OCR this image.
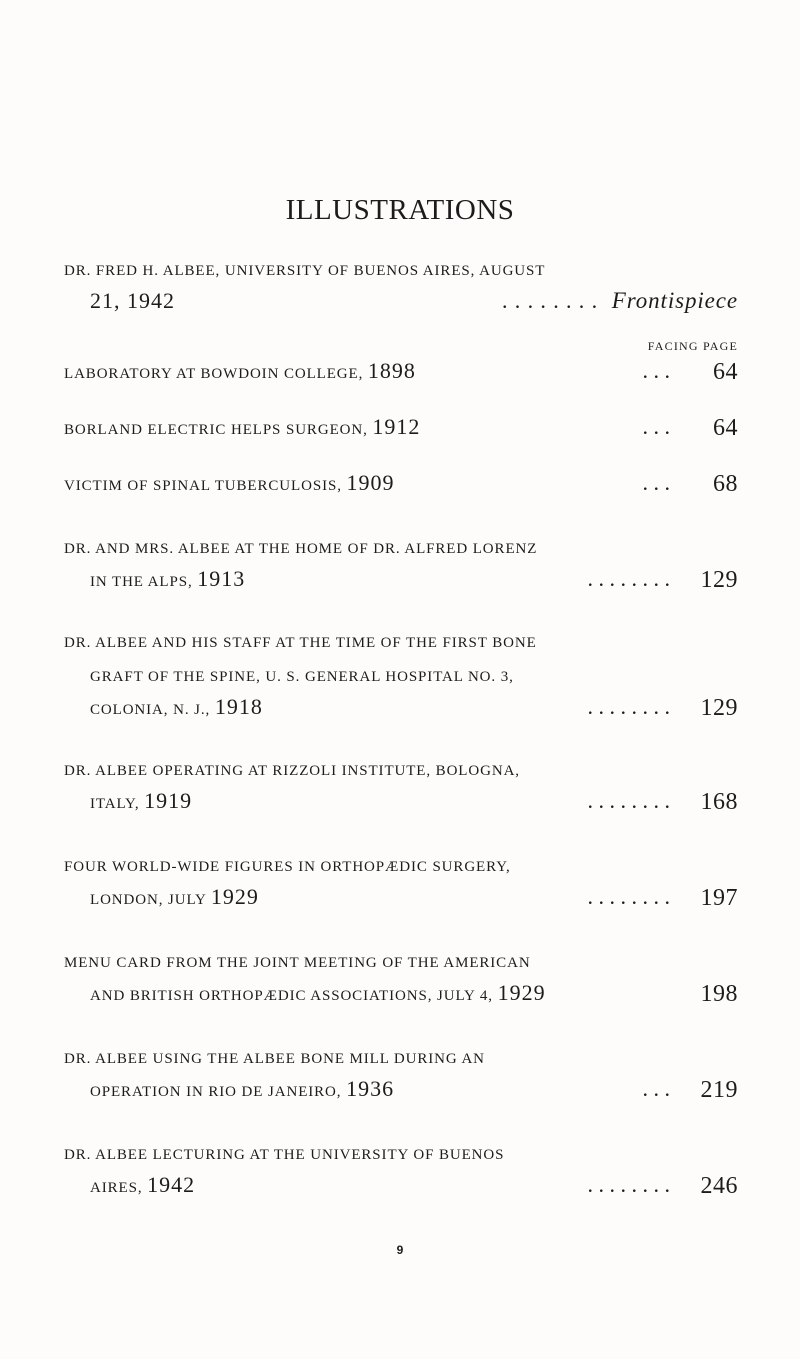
ILLUSTRATIONS
DR. FRED H. ALBEE, UNIVERSITY OF BUENOS AIRES, AUGUST
21, 1942	. . . . . . . . Frontispiece
FACING PAGE
LABORATORY AT BOWDOIN COLLEGE, 1898	. . . 64
BORLAND ELECTRIC HELPS SURGEON, 1912	. . . 64
VICTIM OF SPINAL TUBERCULOSIS, 1909	. . . 68
DR. AND MRS. ALBEE AT THE HOME OF DR. ALFRED LORENZ
IN THE ALPS, 1913	. . . . . . . . 129
DR. ALBEE AND HIS STAFF AT THE TIME OF THE FIRST BONE
GRAFT OF THE SPINE, U. S. GENERAL HOSPITAL NO. 3,
COLONIA, N. J., 1918	. . . . . . . . 129
DR. ALBEE OPERATING AT RIZZOLI INSTITUTE, BOLOGNA,
ITALY, 1919	. . . . . . . . 168
FOUR WORLD-WIDE FIGURES IN ORTHOPÆDIC SURGERY,
LONDON, JULY 1929	. . . . . . . . 197
MENU CARD FROM THE JOINT MEETING OF THE AMERICAN
AND BRITISH ORTHOPÆDIC ASSOCIATIONS, JULY 4, 1929	198
DR. ALBEE USING THE ALBEE BONE MILL DURING AN
OPERATION IN RIO DE JANEIRO, 1936	. . . 219
DR. ALBEE LECTURING AT THE UNIVERSITY OF BUENOS
AIRES, 1942	. . . . . . . . 246
9
